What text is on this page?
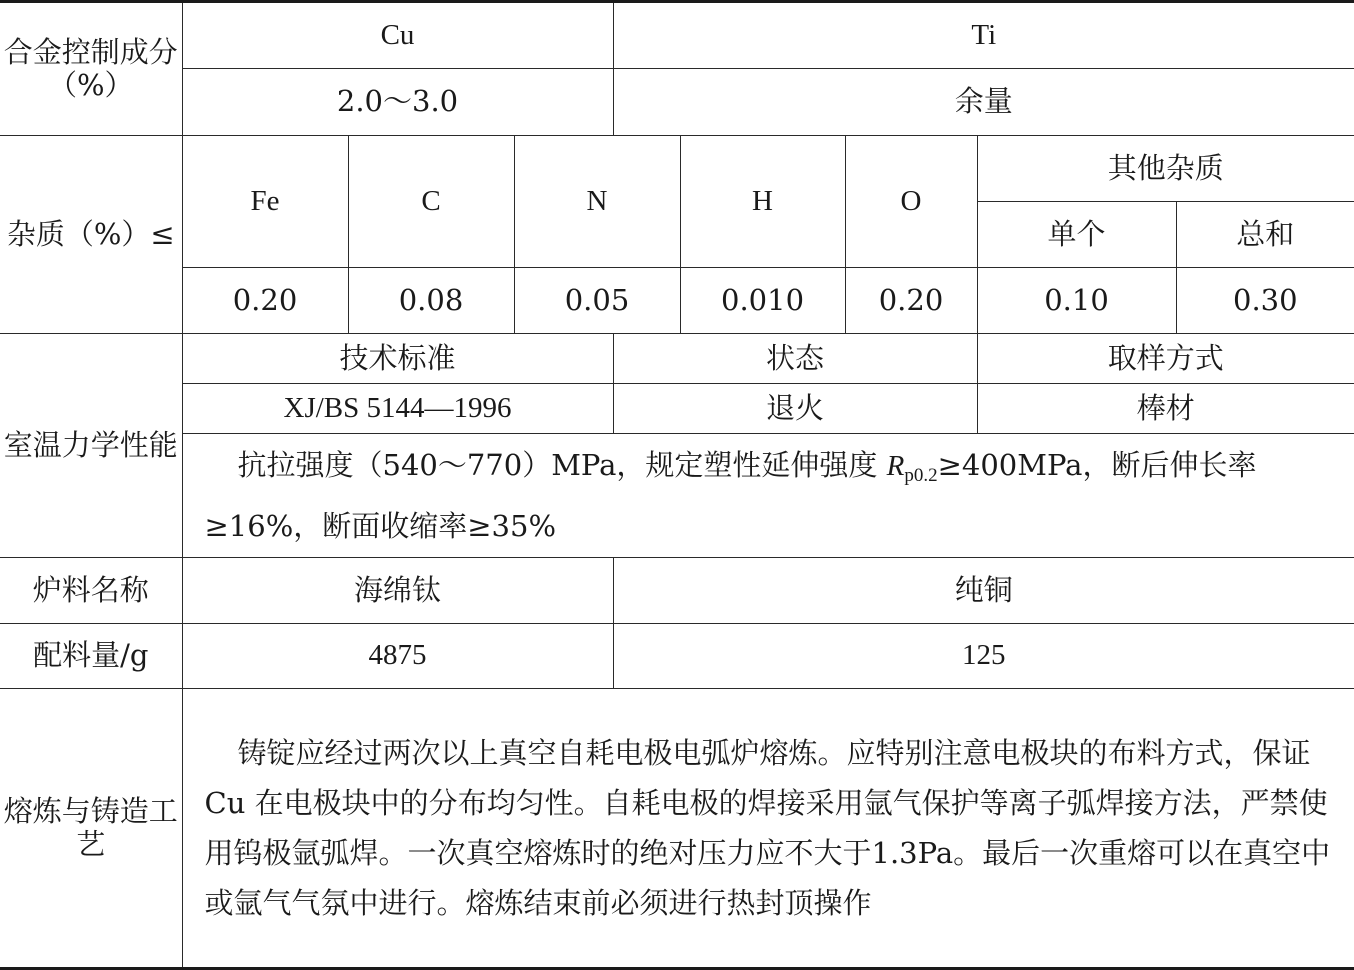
合金控制成分（%）	Cu			Ti				
	2.0～3.0			余量				
杂质（%）≤	Fe	C	N		H	O	其他杂质	
							单个	总和
	0.20	0.08	0.05		0.010	0.20	0.10	0.30
室温力学性能	技术标准			状态			取样方式	
	XJ/BS 5144—1996			退火			棒材	
	抗拉强度（540～770）MPa，规定塑性延伸强度 $R_{p0.2}\ge 400MPa$，断后伸长率≥16%，断面收缩率≥35%							
炉料名称	海绵钛			纯铜				
配料量/g	4875			125				
熔炼与铸造工艺	铸锭应经过两次以上真空自耗电极电弧炉熔炼。应特别注意电极块的布料方式，保证 Cu 在电极块中的分布均匀性。自耗电极的焊接采用氩气保护等离子弧焊接方法，严禁使用钨极氩弧焊。一次真空熔炼时的绝对压力应不大于1.3Pa。最后一次重熔可以在真空中或氩气气氛中进行。熔炼结束前必须进行热封顶操作							
